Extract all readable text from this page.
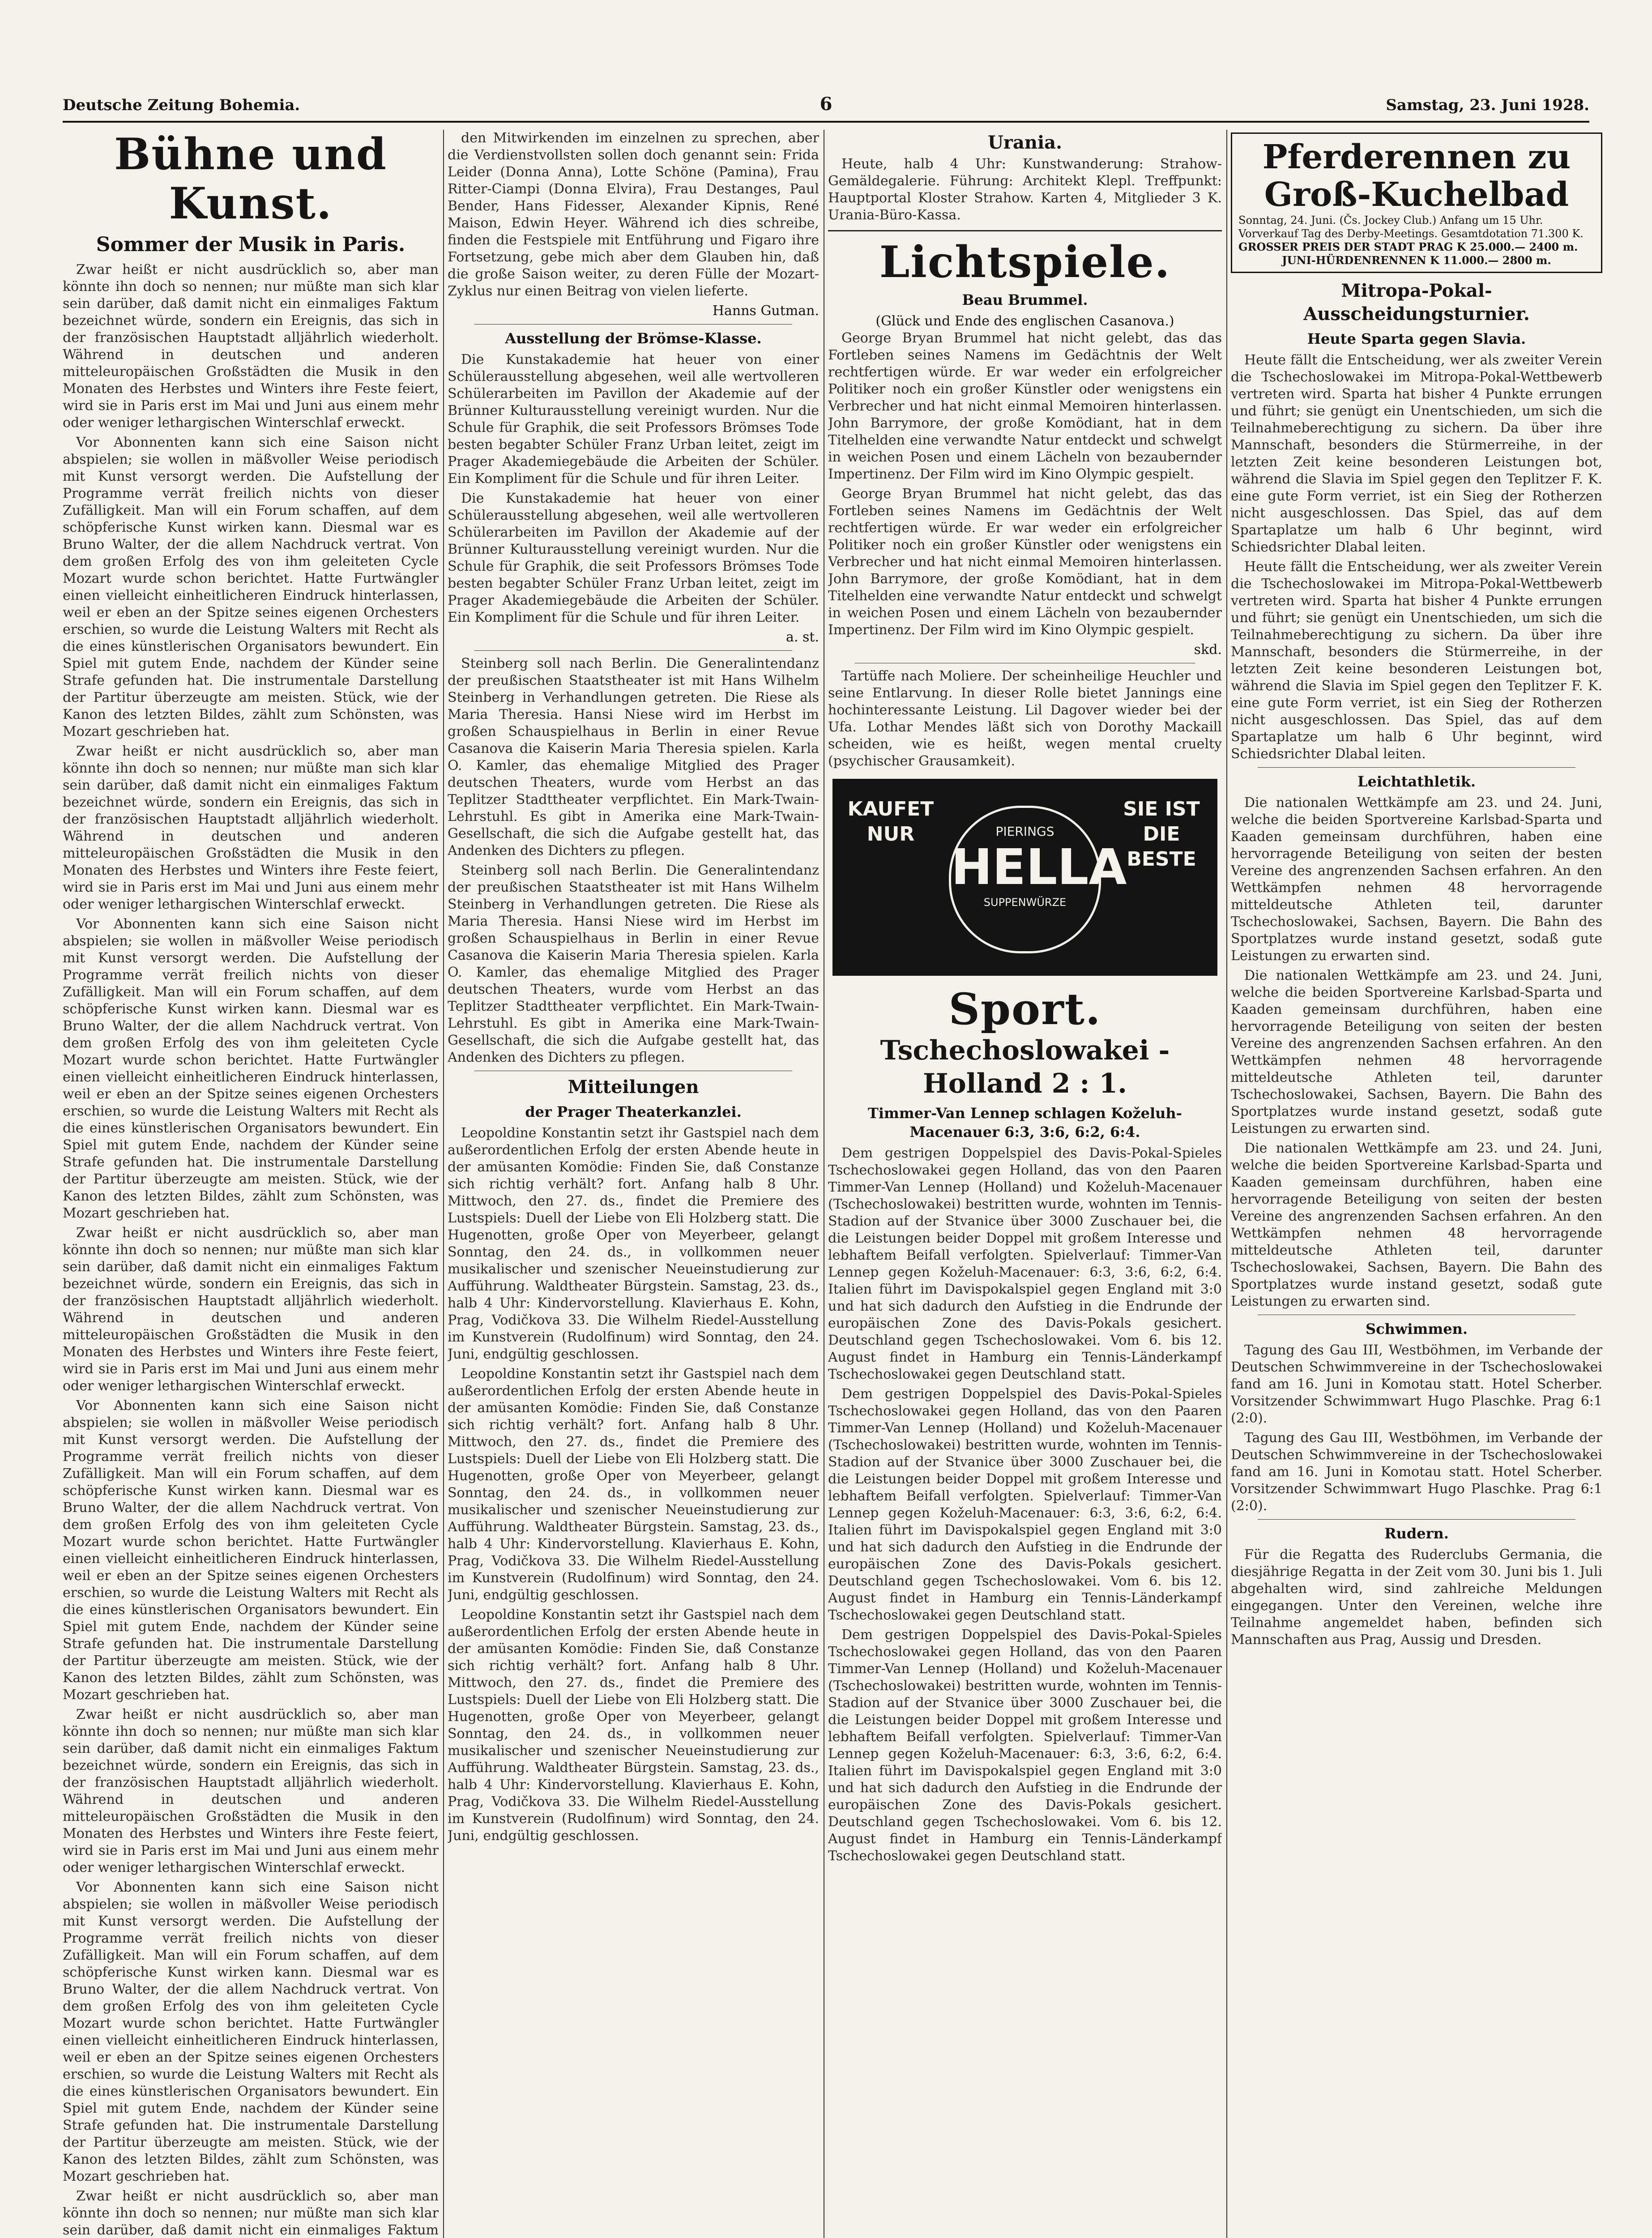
Deutsche Zeitung Bohemia.	6	Samstag, 23. Juni 1928.
Bühne und Kunst.
Sommer der Musik in Paris.

Zwar heißt er nicht ausdrücklich so, aber man könnte ihn doch so nennen; nur müßte man sich klar sein darüber, daß damit nicht ein einmaliges Faktum bezeichnet würde, sondern ein Ereignis, das sich in der französischen Hauptstadt alljährlich wiederholt. Während in deutschen und anderen mitteleuropäischen Großstädten die Musik in den Monaten des Herbstes und Winters ihre Feste feiert, wird sie in Paris erst im Mai und Juni aus einem mehr oder weniger lethargischen Winterschlaf erweckt.

Vor Abonnenten kann sich eine Saison nicht abspielen; sie wollen in mäßvoller Weise periodisch mit Kunst versorgt werden. Die Aufstellung der Programme verrät freilich nichts von dieser Zufälligkeit. Man will ein Forum schaffen, auf dem schöpferische Kunst wirken kann. Diesmal war es Bruno Walter, der die allem Nachdruck vertrat. Von dem großen Erfolg des von ihm geleiteten Cycle Mozart wurde schon berichtet. Hatte Furtwängler einen vielleicht einheitlicheren Eindruck hinterlassen, weil er eben an der Spitze seines eigenen Orchesters erschien, so wurde die Leistung Walters mit Recht als die eines künstlerischen Organisators bewundert. Ein Spiel mit gutem Ende, nachdem der Künder seine Strafe gefunden hat. Die instrumentale Darstellung der Partitur überzeugte am meisten. Stück, wie der Kanon des letzten Bildes, zählt zum Schönsten, was Mozart geschrieben hat.

Zwar heißt er nicht ausdrücklich so, aber man könnte ihn doch so nennen; nur müßte man sich klar sein darüber, daß damit nicht ein einmaliges Faktum bezeichnet würde, sondern ein Ereignis, das sich in der französischen Hauptstadt alljährlich wiederholt. Während in deutschen und anderen mitteleuropäischen Großstädten die Musik in den Monaten des Herbstes und Winters ihre Feste feiert, wird sie in Paris erst im Mai und Juni aus einem mehr oder weniger lethargischen Winterschlaf erweckt.

Vor Abonnenten kann sich eine Saison nicht abspielen; sie wollen in mäßvoller Weise periodisch mit Kunst versorgt werden. Die Aufstellung der Programme verrät freilich nichts von dieser Zufälligkeit. Man will ein Forum schaffen, auf dem schöpferische Kunst wirken kann. Diesmal war es Bruno Walter, der die allem Nachdruck vertrat. Von dem großen Erfolg des von ihm geleiteten Cycle Mozart wurde schon berichtet. Hatte Furtwängler einen vielleicht einheitlicheren Eindruck hinterlassen, weil er eben an der Spitze seines eigenen Orchesters erschien, so wurde die Leistung Walters mit Recht als die eines künstlerischen Organisators bewundert. Ein Spiel mit gutem Ende, nachdem der Künder seine Strafe gefunden hat. Die instrumentale Darstellung der Partitur überzeugte am meisten. Stück, wie der Kanon des letzten Bildes, zählt zum Schönsten, was Mozart geschrieben hat.

Zwar heißt er nicht ausdrücklich so, aber man könnte ihn doch so nennen; nur müßte man sich klar sein darüber, daß damit nicht ein einmaliges Faktum bezeichnet würde, sondern ein Ereignis, das sich in der französischen Hauptstadt alljährlich wiederholt. Während in deutschen und anderen mitteleuropäischen Großstädten die Musik in den Monaten des Herbstes und Winters ihre Feste feiert, wird sie in Paris erst im Mai und Juni aus einem mehr oder weniger lethargischen Winterschlaf erweckt.

Vor Abonnenten kann sich eine Saison nicht abspielen; sie wollen in mäßvoller Weise periodisch mit Kunst versorgt werden. Die Aufstellung der Programme verrät freilich nichts von dieser Zufälligkeit. Man will ein Forum schaffen, auf dem schöpferische Kunst wirken kann. Diesmal war es Bruno Walter, der die allem Nachdruck vertrat. Von dem großen Erfolg des von ihm geleiteten Cycle Mozart wurde schon berichtet. Hatte Furtwängler einen vielleicht einheitlicheren Eindruck hinterlassen, weil er eben an der Spitze seines eigenen Orchesters erschien, so wurde die Leistung Walters mit Recht als die eines künstlerischen Organisators bewundert. Ein Spiel mit gutem Ende, nachdem der Künder seine Strafe gefunden hat. Die instrumentale Darstellung der Partitur überzeugte am meisten. Stück, wie der Kanon des letzten Bildes, zählt zum Schönsten, was Mozart geschrieben hat.

Zwar heißt er nicht ausdrücklich so, aber man könnte ihn doch so nennen; nur müßte man sich klar sein darüber, daß damit nicht ein einmaliges Faktum bezeichnet würde, sondern ein Ereignis, das sich in der französischen Hauptstadt alljährlich wiederholt. Während in deutschen und anderen mitteleuropäischen Großstädten die Musik in den Monaten des Herbstes und Winters ihre Feste feiert, wird sie in Paris erst im Mai und Juni aus einem mehr oder weniger lethargischen Winterschlaf erweckt.

Vor Abonnenten kann sich eine Saison nicht abspielen; sie wollen in mäßvoller Weise periodisch mit Kunst versorgt werden. Die Aufstellung der Programme verrät freilich nichts von dieser Zufälligkeit. Man will ein Forum schaffen, auf dem schöpferische Kunst wirken kann. Diesmal war es Bruno Walter, der die allem Nachdruck vertrat. Von dem großen Erfolg des von ihm geleiteten Cycle Mozart wurde schon berichtet. Hatte Furtwängler einen vielleicht einheitlicheren Eindruck hinterlassen, weil er eben an der Spitze seines eigenen Orchesters erschien, so wurde die Leistung Walters mit Recht als die eines künstlerischen Organisators bewundert. Ein Spiel mit gutem Ende, nachdem der Künder seine Strafe gefunden hat. Die instrumentale Darstellung der Partitur überzeugte am meisten. Stück, wie der Kanon des letzten Bildes, zählt zum Schönsten, was Mozart geschrieben hat.

Zwar heißt er nicht ausdrücklich so, aber man könnte ihn doch so nennen; nur müßte man sich klar sein darüber, daß damit nicht ein einmaliges Faktum

den Mitwirkenden im einzelnen zu sprechen, aber die Verdienstvollsten sollen doch genannt sein: Frida Leider (Donna Anna), Lotte Schöne (Pamina), Frau Ritter-Ciampi (Donna Elvira), Frau Destanges, Paul Bender, Hans Fidesser, Alexander Kipnis, René Maison, Edwin Heyer. Während ich dies schreibe, finden die Festspiele mit Entführung und Figaro ihre Fortsetzung, gebe mich aber dem Glauben hin, daß die große Saison weiter, zu deren Fülle der Mozart-Zyklus nur einen Beitrag von vielen lieferte.

Hanns Gutman.
Ausstellung der Brömse-Klasse.

Die Kunstakademie hat heuer von einer Schülerausstellung abgesehen, weil alle wertvolleren Schülerarbeiten im Pavillon der Akademie auf der Brünner Kulturausstellung vereinigt wurden. Nur die Schule für Graphik, die seit Professors Brömses Tode besten begabter Schüler Franz Urban leitet, zeigt im Prager Akademiegebäude die Arbeiten der Schüler. Ein Kompliment für die Schule und für ihren Leiter.

Die Kunstakademie hat heuer von einer Schülerausstellung abgesehen, weil alle wertvolleren Schülerarbeiten im Pavillon der Akademie auf der Brünner Kulturausstellung vereinigt wurden. Nur die Schule für Graphik, die seit Professors Brömses Tode besten begabter Schüler Franz Urban leitet, zeigt im Prager Akademiegebäude die Arbeiten der Schüler. Ein Kompliment für die Schule und für ihren Leiter.

a. st.

Steinberg soll nach Berlin. Die Generalintendanz der preußischen Staatstheater ist mit Hans Wilhelm Steinberg in Verhandlungen getreten. Die Riese als Maria Theresia. Hansi Niese wird im Herbst im großen Schauspielhaus in Berlin in einer Revue Casanova die Kaiserin Maria Theresia spielen. Karla O. Kamler, das ehemalige Mitglied des Prager deutschen Theaters, wurde vom Herbst an das Teplitzer Stadttheater verpflichtet. Ein Mark-Twain-Lehrstuhl. Es gibt in Amerika eine Mark-Twain-Gesellschaft, die sich die Aufgabe gestellt hat, das Andenken des Dichters zu pflegen.

Steinberg soll nach Berlin. Die Generalintendanz der preußischen Staatstheater ist mit Hans Wilhelm Steinberg in Verhandlungen getreten. Die Riese als Maria Theresia. Hansi Niese wird im Herbst im großen Schauspielhaus in Berlin in einer Revue Casanova die Kaiserin Maria Theresia spielen. Karla O. Kamler, das ehemalige Mitglied des Prager deutschen Theaters, wurde vom Herbst an das Teplitzer Stadttheater verpflichtet. Ein Mark-Twain-Lehrstuhl. Es gibt in Amerika eine Mark-Twain-Gesellschaft, die sich die Aufgabe gestellt hat, das Andenken des Dichters zu pflegen.

Mitteilungen
der Prager Theaterkanzlei.

Leopoldine Konstantin setzt ihr Gastspiel nach dem außerordentlichen Erfolg der ersten Abende heute in der amüsanten Komödie: Finden Sie, daß Constanze sich richtig verhält? fort. Anfang halb 8 Uhr. Mittwoch, den 27. ds., findet die Premiere des Lustspiels: Duell der Liebe von Eli Holzberg statt. Die Hugenotten, große Oper von Meyerbeer, gelangt Sonntag, den 24. ds., in vollkommen neuer musikalischer und szenischer Neueinstudierung zur Aufführung. Waldtheater Bürgstein. Samstag, 23. ds., halb 4 Uhr: Kindervorstellung. Klavierhaus E. Kohn, Prag, Vodičkova 33. Die Wilhelm Riedel-Ausstellung im Kunstverein (Rudolfinum) wird Sonntag, den 24. Juni, endgültig geschlossen.

Leopoldine Konstantin setzt ihr Gastspiel nach dem außerordentlichen Erfolg der ersten Abende heute in der amüsanten Komödie: Finden Sie, daß Constanze sich richtig verhält? fort. Anfang halb 8 Uhr. Mittwoch, den 27. ds., findet die Premiere des Lustspiels: Duell der Liebe von Eli Holzberg statt. Die Hugenotten, große Oper von Meyerbeer, gelangt Sonntag, den 24. ds., in vollkommen neuer musikalischer und szenischer Neueinstudierung zur Aufführung. Waldtheater Bürgstein. Samstag, 23. ds., halb 4 Uhr: Kindervorstellung. Klavierhaus E. Kohn, Prag, Vodičkova 33. Die Wilhelm Riedel-Ausstellung im Kunstverein (Rudolfinum) wird Sonntag, den 24. Juni, endgültig geschlossen.

Leopoldine Konstantin setzt ihr Gastspiel nach dem außerordentlichen Erfolg der ersten Abende heute in der amüsanten Komödie: Finden Sie, daß Constanze sich richtig verhält? fort. Anfang halb 8 Uhr. Mittwoch, den 27. ds., findet die Premiere des Lustspiels: Duell der Liebe von Eli Holzberg statt. Die Hugenotten, große Oper von Meyerbeer, gelangt Sonntag, den 24. ds., in vollkommen neuer musikalischer und szenischer Neueinstudierung zur Aufführung. Waldtheater Bürgstein. Samstag, 23. ds., halb 4 Uhr: Kindervorstellung. Klavierhaus E. Kohn, Prag, Vodičkova 33. Die Wilhelm Riedel-Ausstellung im Kunstverein (Rudolfinum) wird Sonntag, den 24. Juni, endgültig geschlossen.

Urania.

Heute, halb 4 Uhr: Kunstwanderung: Strahow-Gemäldegalerie. Führung: Architekt Klepl. Treffpunkt: Hauptportal Kloster Strahow. Karten 4, Mitglieder 3 K. Urania-Büro-Kassa.

Lichtspiele.
Beau Brummel.
(Glück und Ende des englischen Casanova.)

George Bryan Brummel hat nicht gelebt, das das Fortleben seines Namens im Gedächtnis der Welt rechtfertigen würde. Er war weder ein erfolgreicher Politiker noch ein großer Künstler oder wenigstens ein Verbrecher und hat nicht einmal Memoiren hinterlassen. John Barrymore, der große Komödiant, hat in dem Titelhelden eine verwandte Natur entdeckt und schwelgt in weichen Posen und einem Lächeln von bezaubernder Impertinenz. Der Film wird im Kino Olympic gespielt.

George Bryan Brummel hat nicht gelebt, das das Fortleben seines Namens im Gedächtnis der Welt rechtfertigen würde. Er war weder ein erfolgreicher Politiker noch ein großer Künstler oder wenigstens ein Verbrecher und hat nicht einmal Memoiren hinterlassen. John Barrymore, der große Komödiant, hat in dem Titelhelden eine verwandte Natur entdeckt und schwelgt in weichen Posen und einem Lächeln von bezaubernder Impertinenz. Der Film wird im Kino Olympic gespielt.

skd.

Tartüffe nach Moliere. Der scheinheilige Heuchler und seine Entlarvung. In dieser Rolle bietet Jannings eine hochinteressante Leistung. Lil Dagover wieder bei der Ufa. Lothar Mendes läßt sich von Dorothy Mackaill scheiden, wie es heißt, wegen mental cruelty (psychischer Grausamkeit).

KAUFET NUR	PIERINGS
HELLA
SUPPENWÜRZE
SIE IST DIE BESTE
Sport.
Tschechoslowakei - Holland 2 : 1.
Timmer-Van Lennep schlagen Koželuh-Macenauer 6:3, 3:6, 6:2, 6:4.

Dem gestrigen Doppelspiel des Davis-Pokal-Spieles Tschechoslowakei gegen Holland, das von den Paaren Timmer-Van Lennep (Holland) und Koželuh-Macenauer (Tschechoslowakei) bestritten wurde, wohnten im Tennis-Stadion auf der Stvanice über 3000 Zuschauer bei, die die Leistungen beider Doppel mit großem Interesse und lebhaftem Beifall verfolgten. Spielverlauf: Timmer-Van Lennep gegen Koželuh-Macenauer: 6:3, 3:6, 6:2, 6:4. Italien führt im Davispokalspiel gegen England mit 3:0 und hat sich dadurch den Aufstieg in die Endrunde der europäischen Zone des Davis-Pokals gesichert. Deutschland gegen Tschechoslowakei. Vom 6. bis 12. August findet in Hamburg ein Tennis-Länderkampf Tschechoslowakei gegen Deutschland statt.

Dem gestrigen Doppelspiel des Davis-Pokal-Spieles Tschechoslowakei gegen Holland, das von den Paaren Timmer-Van Lennep (Holland) und Koželuh-Macenauer (Tschechoslowakei) bestritten wurde, wohnten im Tennis-Stadion auf der Stvanice über 3000 Zuschauer bei, die die Leistungen beider Doppel mit großem Interesse und lebhaftem Beifall verfolgten. Spielverlauf: Timmer-Van Lennep gegen Koželuh-Macenauer: 6:3, 3:6, 6:2, 6:4. Italien führt im Davispokalspiel gegen England mit 3:0 und hat sich dadurch den Aufstieg in die Endrunde der europäischen Zone des Davis-Pokals gesichert. Deutschland gegen Tschechoslowakei. Vom 6. bis 12. August findet in Hamburg ein Tennis-Länderkampf Tschechoslowakei gegen Deutschland statt.

Dem gestrigen Doppelspiel des Davis-Pokal-Spieles Tschechoslowakei gegen Holland, das von den Paaren Timmer-Van Lennep (Holland) und Koželuh-Macenauer (Tschechoslowakei) bestritten wurde, wohnten im Tennis-Stadion auf der Stvanice über 3000 Zuschauer bei, die die Leistungen beider Doppel mit großem Interesse und lebhaftem Beifall verfolgten. Spielverlauf: Timmer-Van Lennep gegen Koželuh-Macenauer: 6:3, 3:6, 6:2, 6:4. Italien führt im Davispokalspiel gegen England mit 3:0 und hat sich dadurch den Aufstieg in die Endrunde der europäischen Zone des Davis-Pokals gesichert. Deutschland gegen Tschechoslowakei. Vom 6. bis 12. August findet in Hamburg ein Tennis-Länderkampf Tschechoslowakei gegen Deutschland statt.

Pferderennen zu Groß-Kuchelbad
Sonntag, 24. Juni. (Čs. Jockey Club.) Anfang um 15 Uhr.
Vorverkauf Tag des Derby-Meetings. Gesamtdotation 71.300 K.
GROSSER PREIS DER STADT PRAG K 25.000.— 2400 m.
JUNI-HÜRDENRENNEN K 11.000.— 2800 m.
Mitropa-Pokal-Ausscheidungsturnier.
Heute Sparta gegen Slavia.

Heute fällt die Entscheidung, wer als zweiter Verein die Tschechoslowakei im Mitropa-Pokal-Wettbewerb vertreten wird. Sparta hat bisher 4 Punkte errungen und führt; sie genügt ein Unentschieden, um sich die Teilnahmeberechtigung zu sichern. Da über ihre Mannschaft, besonders die Stürmerreihe, in der letzten Zeit keine besonderen Leistungen bot, während die Slavia im Spiel gegen den Teplitzer F. K. eine gute Form verriet, ist ein Sieg der Rotherzen nicht ausgeschlossen. Das Spiel, das auf dem Spartaplatze um halb 6 Uhr beginnt, wird Schiedsrichter Dlabal leiten.

Heute fällt die Entscheidung, wer als zweiter Verein die Tschechoslowakei im Mitropa-Pokal-Wettbewerb vertreten wird. Sparta hat bisher 4 Punkte errungen und führt; sie genügt ein Unentschieden, um sich die Teilnahmeberechtigung zu sichern. Da über ihre Mannschaft, besonders die Stürmerreihe, in der letzten Zeit keine besonderen Leistungen bot, während die Slavia im Spiel gegen den Teplitzer F. K. eine gute Form verriet, ist ein Sieg der Rotherzen nicht ausgeschlossen. Das Spiel, das auf dem Spartaplatze um halb 6 Uhr beginnt, wird Schiedsrichter Dlabal leiten.

Leichtathletik.

Die nationalen Wettkämpfe am 23. und 24. Juni, welche die beiden Sportvereine Karlsbad-Sparta und Kaaden gemeinsam durchführen, haben eine hervorragende Beteiligung von seiten der besten Vereine des angrenzenden Sachsen erfahren. An den Wettkämpfen nehmen 48 hervorragende mitteldeutsche Athleten teil, darunter Tschechoslowakei, Sachsen, Bayern. Die Bahn des Sportplatzes wurde instand gesetzt, sodaß gute Leistungen zu erwarten sind.

Die nationalen Wettkämpfe am 23. und 24. Juni, welche die beiden Sportvereine Karlsbad-Sparta und Kaaden gemeinsam durchführen, haben eine hervorragende Beteiligung von seiten der besten Vereine des angrenzenden Sachsen erfahren. An den Wettkämpfen nehmen 48 hervorragende mitteldeutsche Athleten teil, darunter Tschechoslowakei, Sachsen, Bayern. Die Bahn des Sportplatzes wurde instand gesetzt, sodaß gute Leistungen zu erwarten sind.

Die nationalen Wettkämpfe am 23. und 24. Juni, welche die beiden Sportvereine Karlsbad-Sparta und Kaaden gemeinsam durchführen, haben eine hervorragende Beteiligung von seiten der besten Vereine des angrenzenden Sachsen erfahren. An den Wettkämpfen nehmen 48 hervorragende mitteldeutsche Athleten teil, darunter Tschechoslowakei, Sachsen, Bayern. Die Bahn des Sportplatzes wurde instand gesetzt, sodaß gute Leistungen zu erwarten sind.

Schwimmen.

Tagung des Gau III, Westböhmen, im Verbande der Deutschen Schwimmvereine in der Tschechoslowakei fand am 16. Juni in Komotau statt. Hotel Scherber. Vorsitzender Schwimmwart Hugo Plaschke. Prag 6:1 (2:0).

Tagung des Gau III, Westböhmen, im Verbande der Deutschen Schwimmvereine in der Tschechoslowakei fand am 16. Juni in Komotau statt. Hotel Scherber. Vorsitzender Schwimmwart Hugo Plaschke. Prag 6:1 (2:0).

Rudern.

Für die Regatta des Ruderclubs Germania, die diesjährige Regatta in der Zeit vom 30. Juni bis 1. Juli abgehalten wird, sind zahlreiche Meldungen eingegangen. Unter den Vereinen, welche ihre Teilnahme angemeldet haben, befinden sich Mannschaften aus Prag, Aussig und Dresden.
